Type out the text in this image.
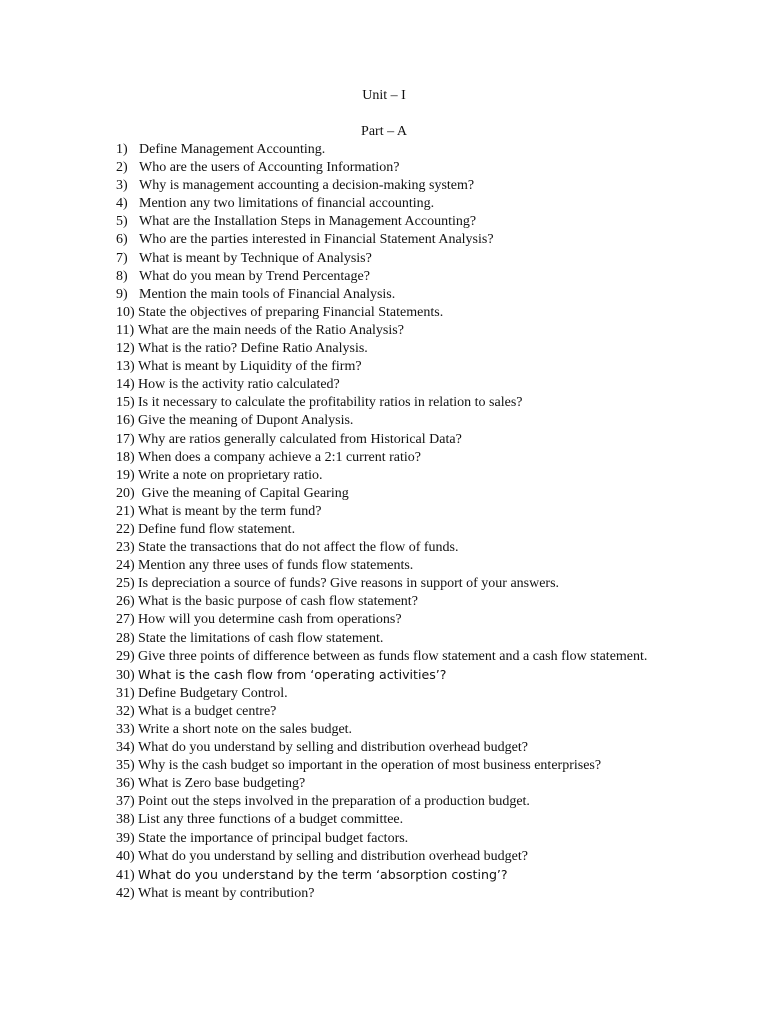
Unit – I
Part – A
1) Define Management Accounting.
2) Who are the users of Accounting Information?
3) Why is management accounting a decision-making system?
4) Mention any two limitations of financial accounting.
5) What are the Installation Steps in Management Accounting?
6) Who are the parties interested in Financial Statement Analysis?
7) What is meant by Technique of Analysis?
8) What do you mean by Trend Percentage?
9) Mention the main tools of Financial Analysis.
10) State the objectives of preparing Financial Statements.
11) What are the main needs of the Ratio Analysis?
12) What is the ratio? Define Ratio Analysis.
13) What is meant by Liquidity of the firm?
14) How is the activity ratio calculated?
15) Is it necessary to calculate the profitability ratios in relation to sales?
16) Give the meaning of Dupont Analysis.
17) Why are ratios generally calculated from Historical Data?
18) When does a company achieve a 2:1 current ratio?
19) Write a note on proprietary ratio.
20) Give the meaning of Capital Gearing
21) What is meant by the term fund?
22) Define fund flow statement.
23) State the transactions that do not affect the flow of funds.
24) Mention any three uses of funds flow statements.
25) Is depreciation a source of funds? Give reasons in support of your answers.
26) What is the basic purpose of cash flow statement?
27) How will you determine cash from operations?
28) State the limitations of cash flow statement.
29) Give three points of difference between as funds flow statement and a cash flow statement.
30) What is the cash flow from ‘operating activities’?
31) Define Budgetary Control.
32) What is a budget centre?
33) Write a short note on the sales budget.
34) What do you understand by selling and distribution overhead budget?
35) Why is the cash budget so important in the operation of most business enterprises?
36) What is Zero base budgeting?
37) Point out the steps involved in the preparation of a production budget.
38) List any three functions of a budget committee.
39) State the importance of principal budget factors.
40) What do you understand by selling and distribution overhead budget?
41) What do you understand by the term ‘absorption costing’?
42) What is meant by contribution?
